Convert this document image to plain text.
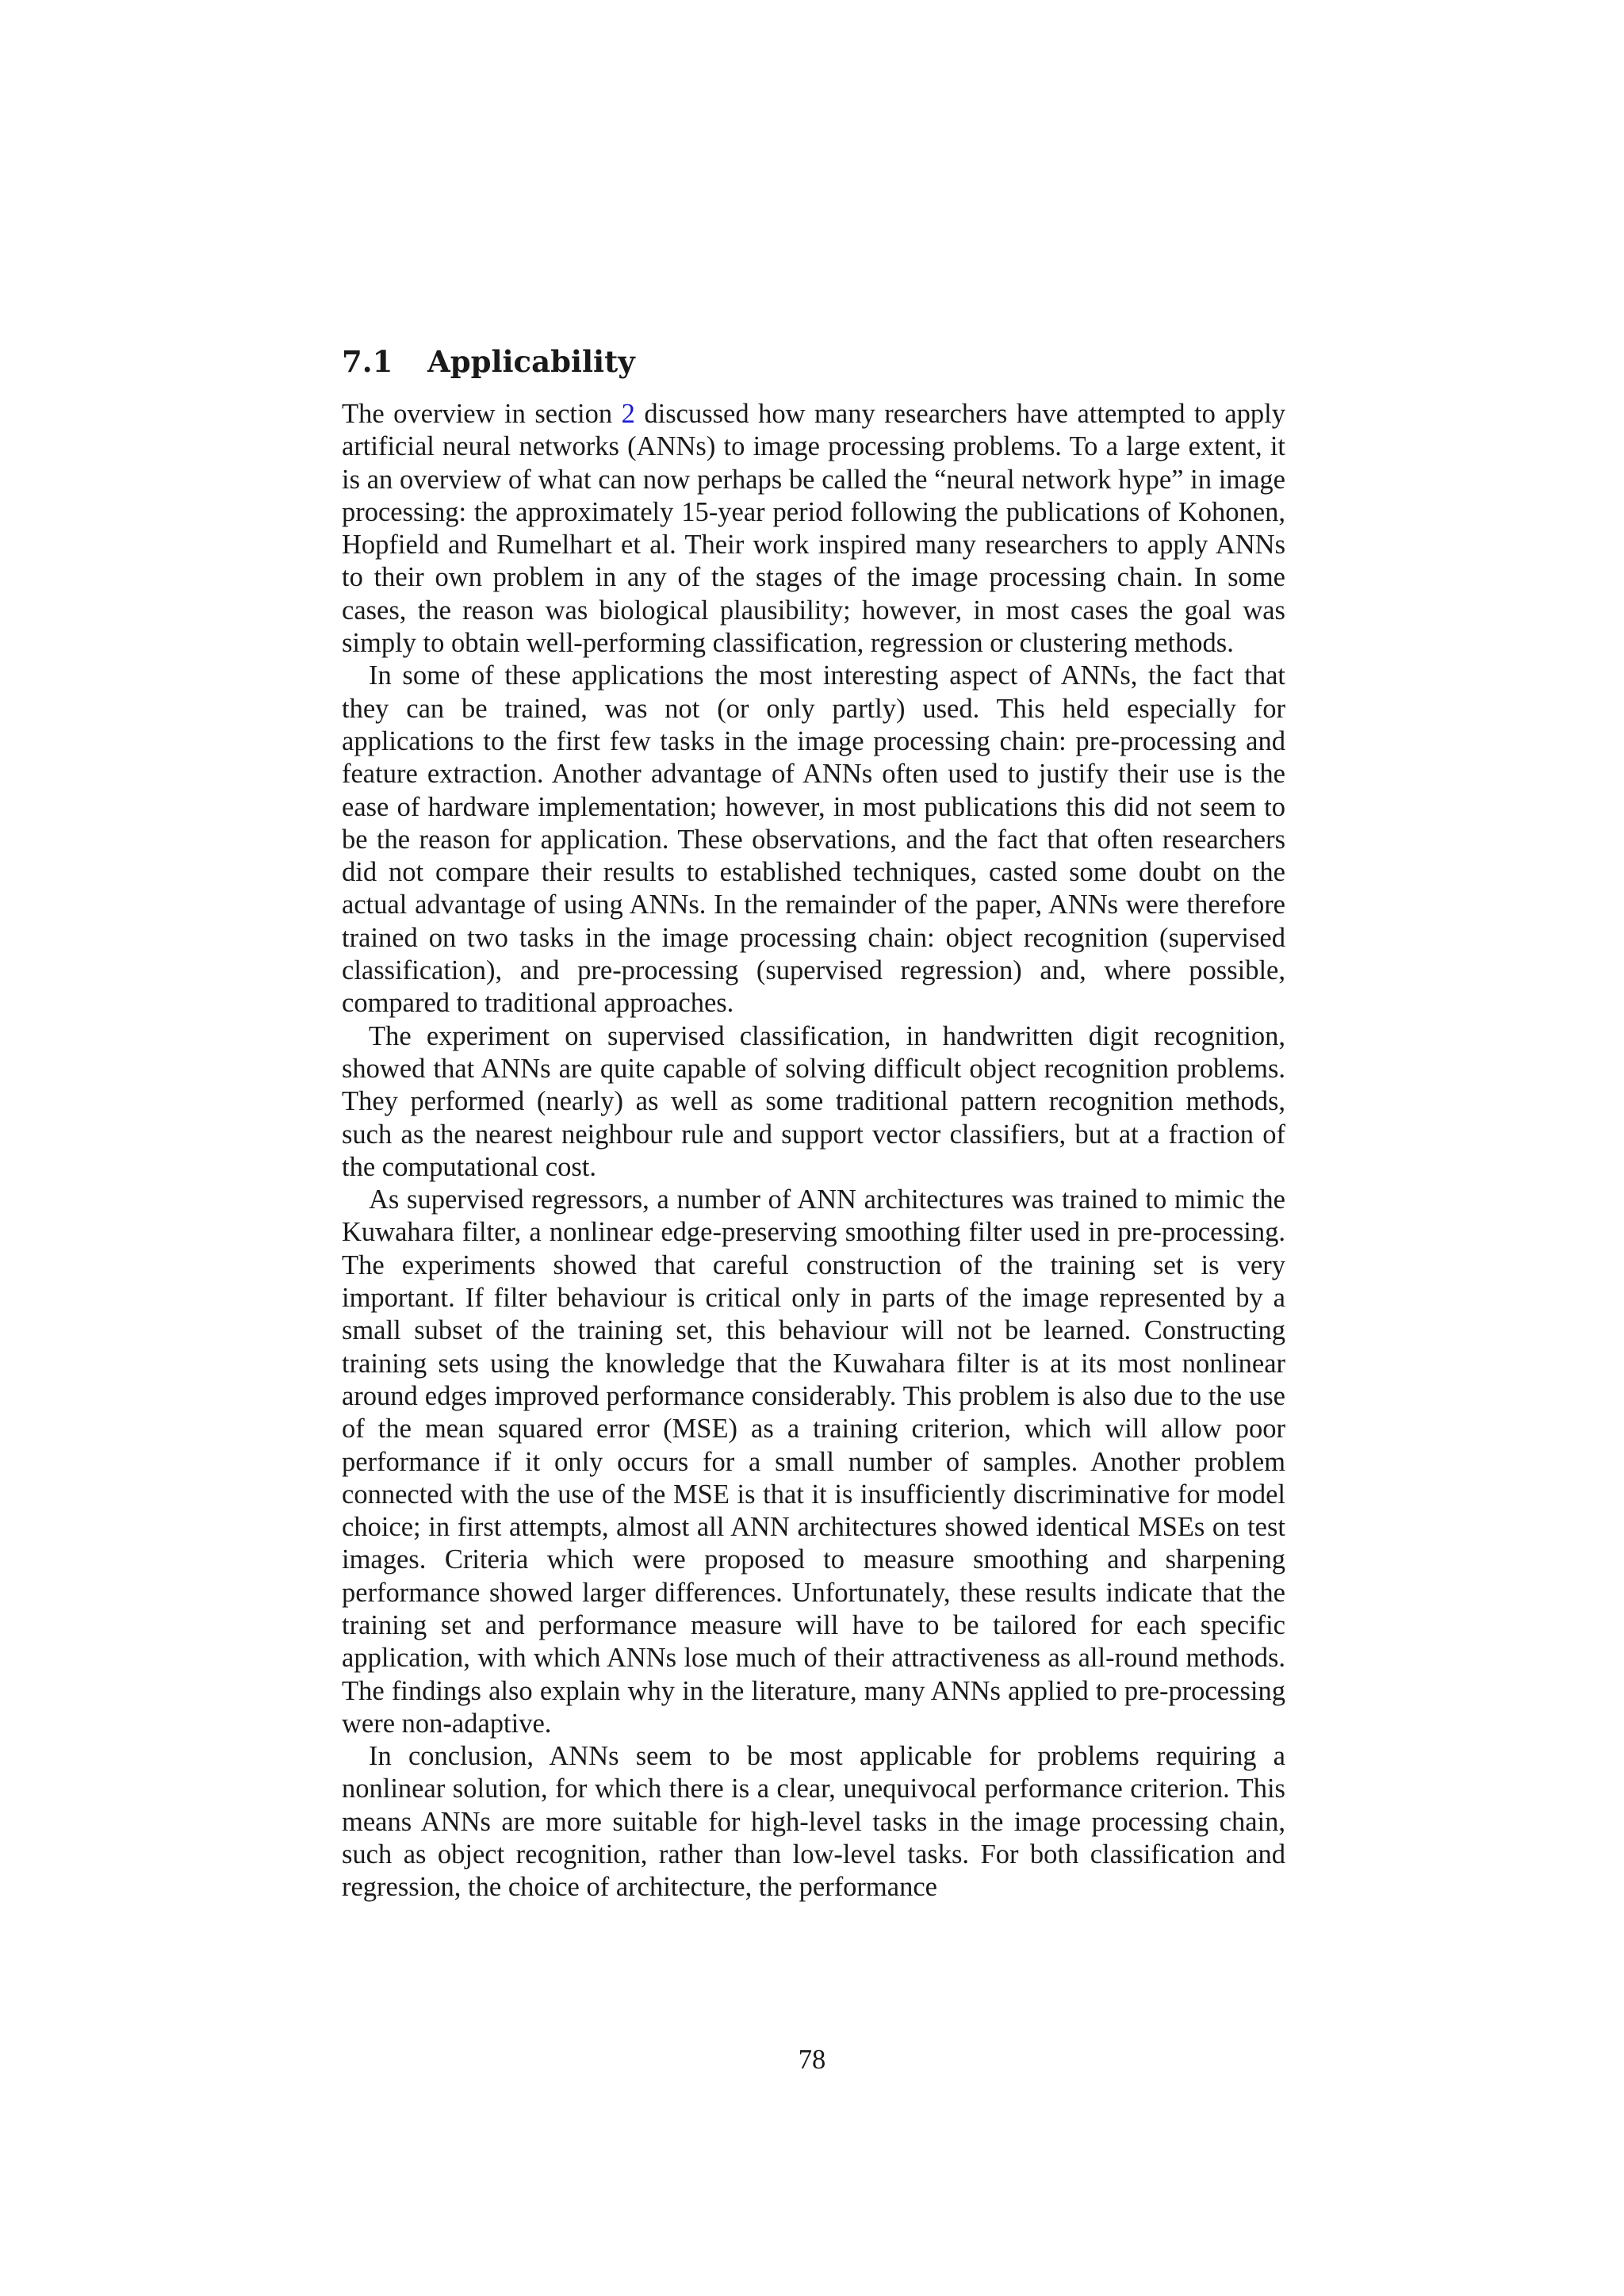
7.1 Applicability

The overview in section 2 discussed how many researchers have attempted to apply artificial neural networks (ANNs) to image processing problems. To a large extent, it is an overview of what can now perhaps be called the “neural network hype” in image processing: the approximately 15-year period following the publications of Kohonen, Hopfield and Rumelhart et al. Their work inspired many researchers to apply ANNs to their own problem in any of the stages of the image processing chain. In some cases, the reason was biological plausibility; however, in most cases the goal was simply to obtain well-performing classification, regression or clustering methods.

In some of these applications the most interesting aspect of ANNs, the fact that they can be trained, was not (or only partly) used. This held especially for applications to the first few tasks in the image processing chain: pre-processing and feature extraction. Another advantage of ANNs often used to justify their use is the ease of hardware implementation; however, in most publications this did not seem to be the reason for application. These observations, and the fact that often researchers did not compare their results to established techniques, casted some doubt on the actual advantage of using ANNs. In the remainder of the paper, ANNs were therefore trained on two tasks in the image processing chain: object recognition (supervised classification), and pre-processing (supervised regression) and, where possible, compared to traditional approaches.

The experiment on supervised classification, in handwritten digit recognition, showed that ANNs are quite capable of solving difficult object recognition problems. They performed (nearly) as well as some traditional pattern recognition methods, such as the nearest neighbour rule and support vector classifiers, but at a fraction of the computational cost.

As supervised regressors, a number of ANN architectures was trained to mimic the Kuwahara filter, a nonlinear edge-preserving smoothing filter used in pre-processing. The experiments showed that careful construction of the training set is very important. If filter behaviour is critical only in parts of the image represented by a small subset of the training set, this behaviour will not be learned. Constructing training sets using the knowledge that the Kuwahara filter is at its most nonlinear around edges improved performance considerably. This problem is also due to the use of the mean squared error (MSE) as a training criterion, which will allow poor performance if it only occurs for a small number of samples. Another problem connected with the use of the MSE is that it is insufficiently discriminative for model choice; in first attempts, almost all ANN architectures showed identical MSEs on test images. Criteria which were proposed to measure smoothing and sharpening performance showed larger differences. Unfortunately, these results indicate that the training set and performance measure will have to be tailored for each specific application, with which ANNs lose much of their attractiveness as all-round methods. The findings also explain why in the literature, many ANNs applied to pre-processing were non-adaptive.

In conclusion, ANNs seem to be most applicable for problems requiring a nonlinear solution, for which there is a clear, unequivocal performance criterion. This means ANNs are more suitable for high-level tasks in the image processing chain, such as object recognition, rather than low-level tasks. For both classification and regression, the choice of architecture, the performance

78
